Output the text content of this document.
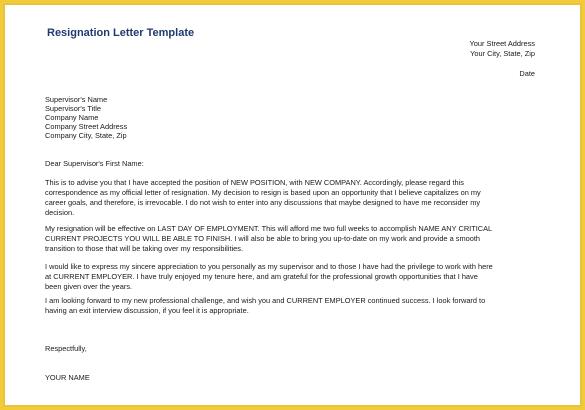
Resignation Letter Template
Your Street Address
Your City, State, Zip
Date
Supervisor's Name
Supervisor's Title
Company Name
Company Street Address
Company City, State, Zip
Dear Supervisor's First Name:
This is to advise you that I have accepted the position of NEW POSITION, with NEW COMPANY. Accordingly, please regard this
correspondence as my official letter of resignation. My decision to resign is based upon an opportunity that I believe capitalizes on my
career goals, and therefore, is irrevocable. I do not wish to enter into any discussions that maybe designed to have me reconsider my
decision.
My resignation will be effective on LAST DAY OF EMPLOYMENT. This will afford me two full weeks to accomplish NAME ANY CRITICAL
CURRENT PROJECTS YOU WILL BE ABLE TO FINISH. I will also be able to bring you up-to-date on my work and provide a smooth
transition to those that will be taking over my responsibilities.
I would like to express my sincere appreciation to you personally as my supervisor and to those I have had the privilege to work with here
at CURRENT EMPLOYER. I have truly enjoyed my tenure here, and am grateful for the professional growth opportunities that I have
been given over the years.
I am looking forward to my new professional challenge, and wish you and CURRENT EMPLOYER continued success. I look forward to
having an exit interview discussion, if you feel it is appropriate.
Respectfully,
YOUR NAME
